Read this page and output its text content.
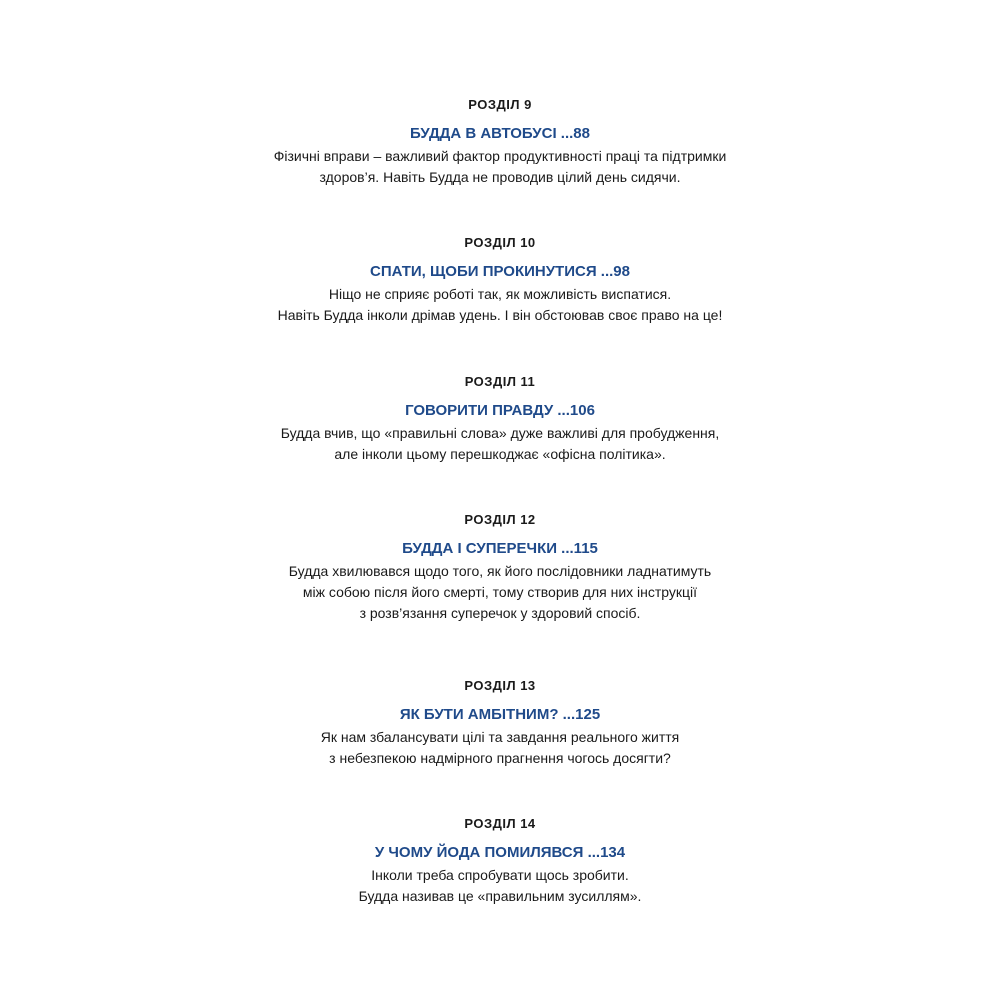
РОЗДІЛ 9

БУДДА В АВТОБУСІ ...88

Фізичні вправи – важливий фактор продуктивності праці та підтримки
здоров’я. Навіть Будда не проводив цілий день сидячи.

РОЗДІЛ 10

СПАТИ, ЩОБИ ПРОКИНУТИСЯ ...98

Ніщо не сприяє роботі так, як можливість виспатися.
Навіть Будда інколи дрімав удень. І він обстоював своє право на це!

РОЗДІЛ 11

ГОВОРИТИ ПРАВДУ ...106

Будда вчив, що «правильні слова» дуже важливі для пробудження,
але інколи цьому перешкоджає «офісна політика».

РОЗДІЛ 12

БУДДА І СУПЕРЕЧКИ ...115

Будда хвилювався щодо того, як його послідовники ладнатимуть
між собою після його смерті, тому створив для них інструкції
з розв’язання суперечок у здоровий спосіб.

РОЗДІЛ 13

ЯК БУТИ АМБІТНИМ? ...125

Як нам збалансувати цілі та завдання реального життя
з небезпекою надмірного прагнення чогось досягти?

РОЗДІЛ 14

У ЧОМУ ЙОДА ПОМИЛЯВСЯ ...134

Інколи треба спробувати щось зробити.
Будда називав це «правильним зусиллям».
